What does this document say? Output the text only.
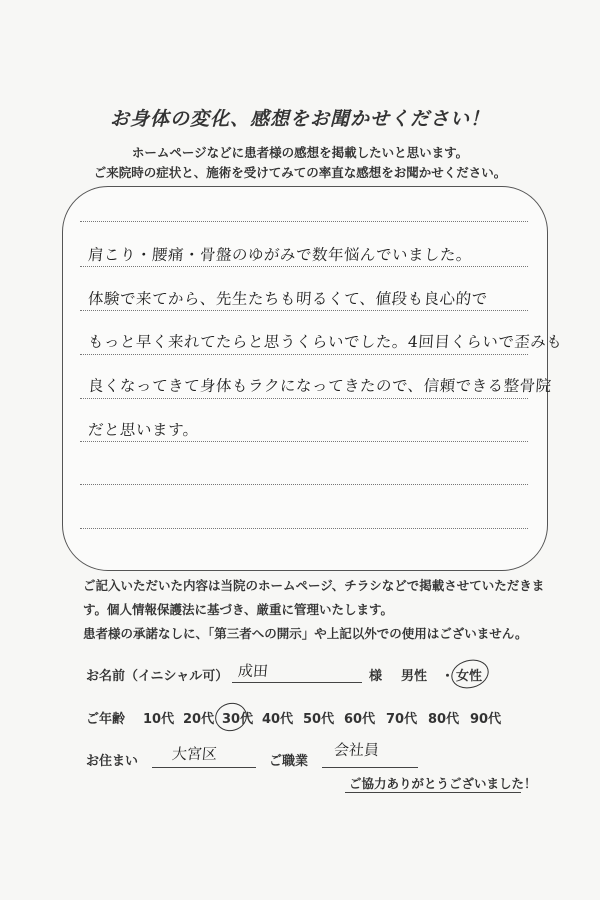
お身体の変化、感想をお聞かせください！
ホームページなどに患者様の感想を掲載したいと思います。
ご来院時の症状と、施術を受けてみての率直な感想をお聞かせください。
肩こり・腰痛・骨盤のゆがみで数年悩んでいました。
体験で来てから、先生たちも明るくて、値段も良心的で
もっと早く来れてたらと思うくらいでした。4回目くらいで歪みも
良くなってきて身体もラクになってきたので、信頼できる整骨院
だと思います。
ご記入いただいた内容は当院のホームページ、チラシなどで掲載させていただきま
す。個人情報保護法に基づき、厳重に管理いたします。
患者様の承諾なしに、「第三者への開示」や上記以外での使用はございません。
お名前（イニシャル可） 成田	様 男性 ・ 女性

ご年齢 10代 20代 30代 40代 50代 60代 70代 80代 90代
お住まい 大宮区	ご職業
会社員
ご協力ありがとうございました！
